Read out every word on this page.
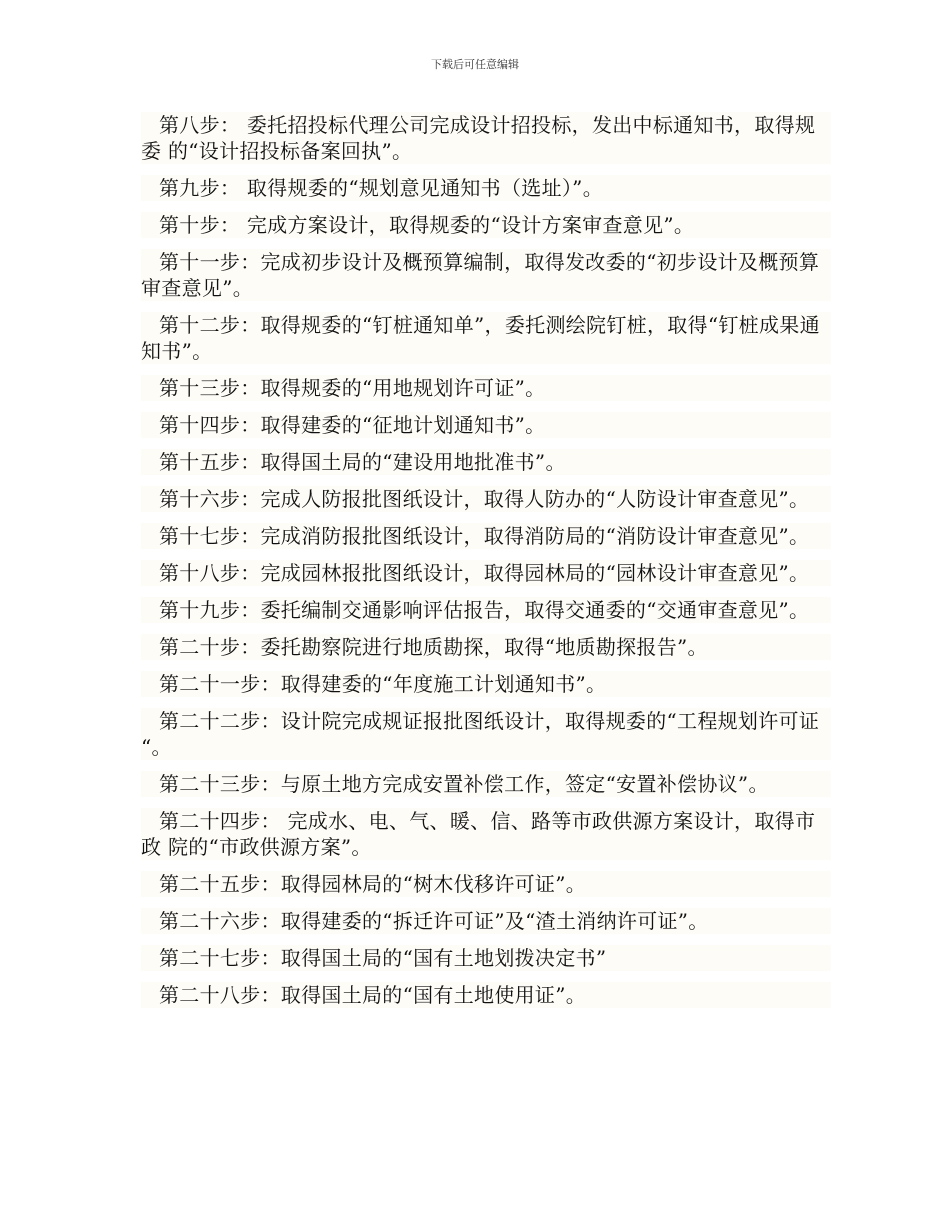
下载后可任意编辑

第八步： 委托招投标代理公司完成设计招投标，发出中标通知书，取得规委 的“设计招投标备案回执”。

第九步： 取得规委的“规划意见通知书（选址）”。

第十步： 完成方案设计，取得规委的“设计方案审查意见”。

第十一步：完成初步设计及概预算编制，取得发改委的“初步设计及概预算审查意见”。

第十二步：取得规委的“钉桩通知单”，委托测绘院钉桩，取得“钉桩成果通知书”。

第十三步：取得规委的“用地规划许可证”。

第十四步：取得建委的“征地计划通知书”。

第十五步：取得国土局的“建设用地批准书”。

第十六步：完成人防报批图纸设计，取得人防办的“人防设计审查意见”。

第十七步：完成消防报批图纸设计，取得消防局的“消防设计审查意见”。

第十八步：完成园林报批图纸设计，取得园林局的“园林设计审查意见”。

第十九步：委托编制交通影响评估报告，取得交通委的“交通审查意见”。

第二十步：委托勘察院进行地质勘探，取得“地质勘探报告”。

第二十一步：取得建委的“年度施工计划通知书”。

第二十二步：设计院完成规证报批图纸设计，取得规委的“工程规划许可证 “。

第二十三步：与原土地方完成安置补偿工作，签定“安置补偿协议”。

第二十四步： 完成水、电、气、暖、信、路等市政供源方案设计，取得市政 院的“市政供源方案”。

第二十五步：取得园林局的“树木伐移许可证”。

第二十六步：取得建委的“拆迁许可证”及“渣土消纳许可证”。

第二十七步：取得国土局的“国有土地划拨决定书”

第二十八步：取得国土局的“国有土地使用证”。
